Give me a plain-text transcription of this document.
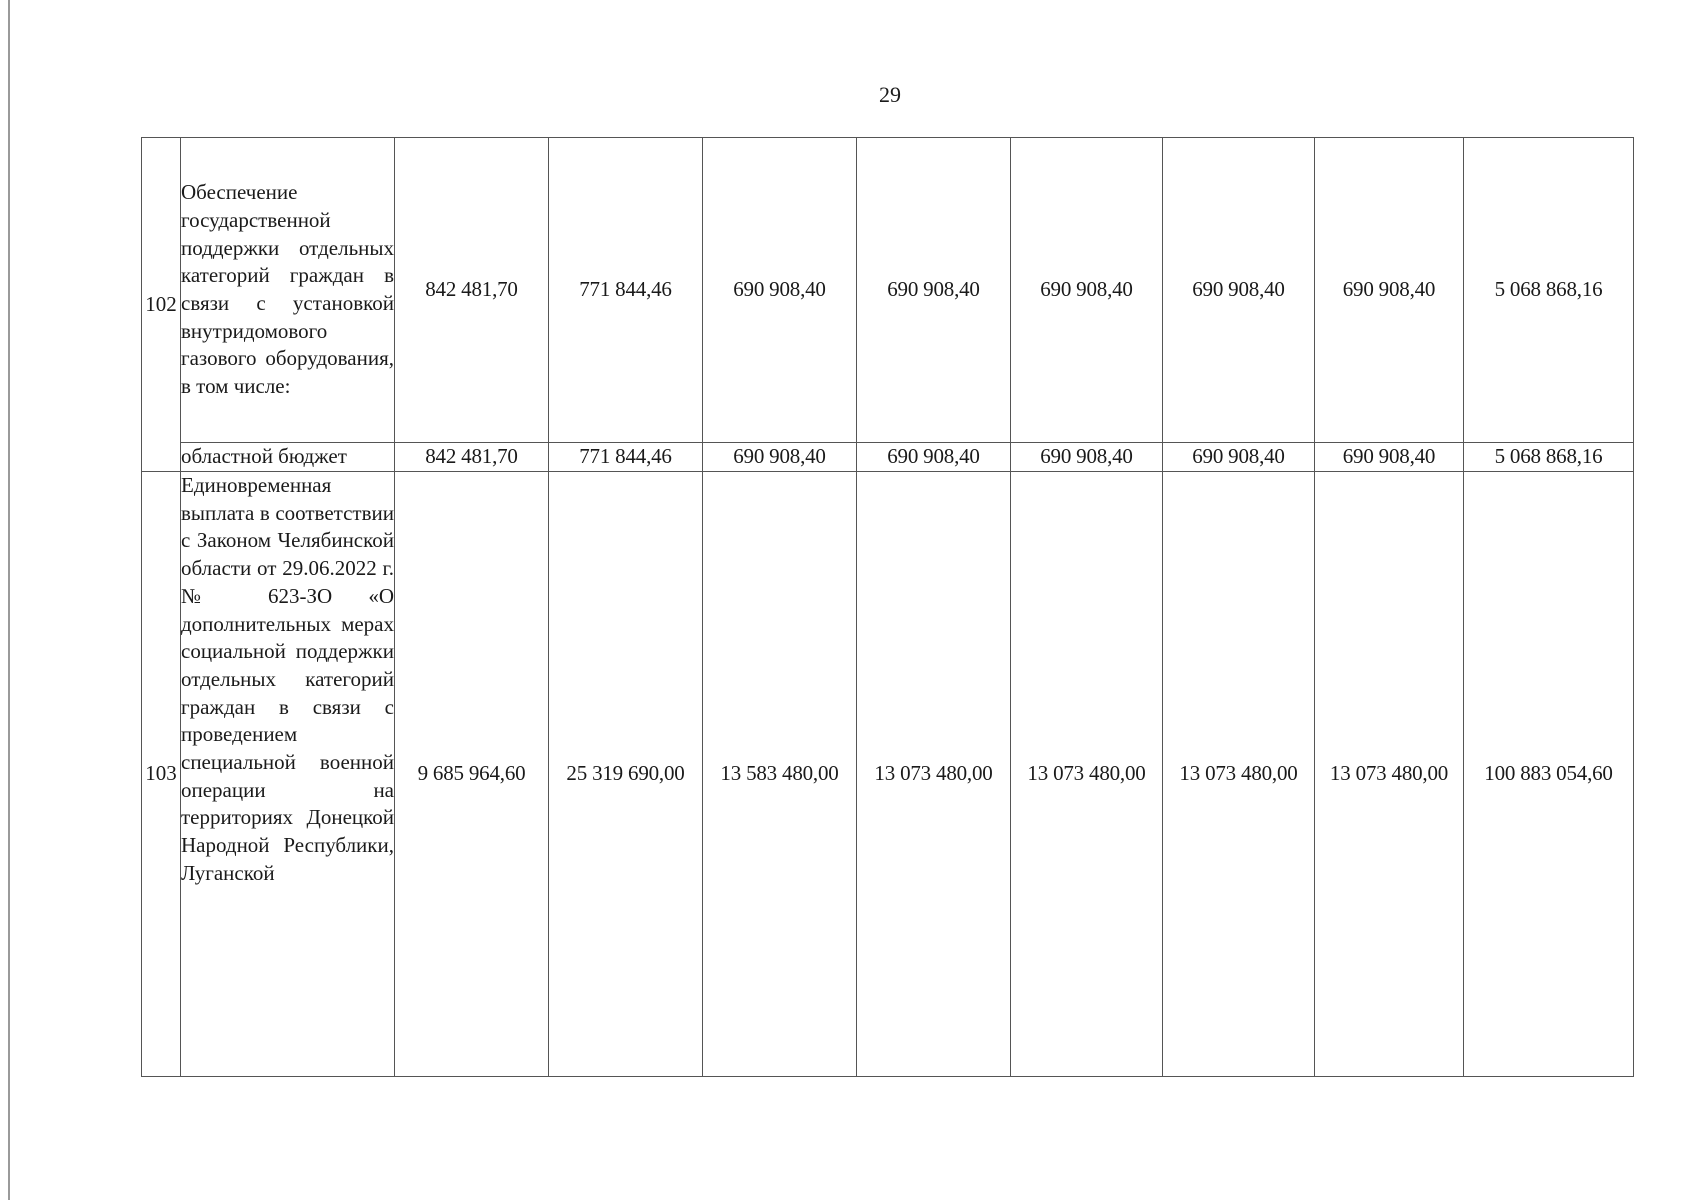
29
102	Обеспечение государственной поддержки отдельных категорий граждан в связи с установкой внутридомового газового оборудования, в том числе:	842 481,70	771 844,46	690 908,40	690 908,40	690 908,40	690 908,40	690 908,40	5 068 868,16
	областной бюджет	842 481,70	771 844,46	690 908,40	690 908,40	690 908,40	690 908,40	690 908,40	5 068 868,16
103	Единовременная выплата в соответствии с Законом Челябинской области от 29.06.2022 г. № 623-ЗО «О дополнительных мерах социальной поддержки отдельных категорий граждан в связи с проведением специальной военной операции на территориях Донецкой Народной Республики, Луганской	9 685 964,60	25 319 690,00	13 583 480,00	13 073 480,00	13 073 480,00	13 073 480,00	13 073 480,00	100 883 054,60
